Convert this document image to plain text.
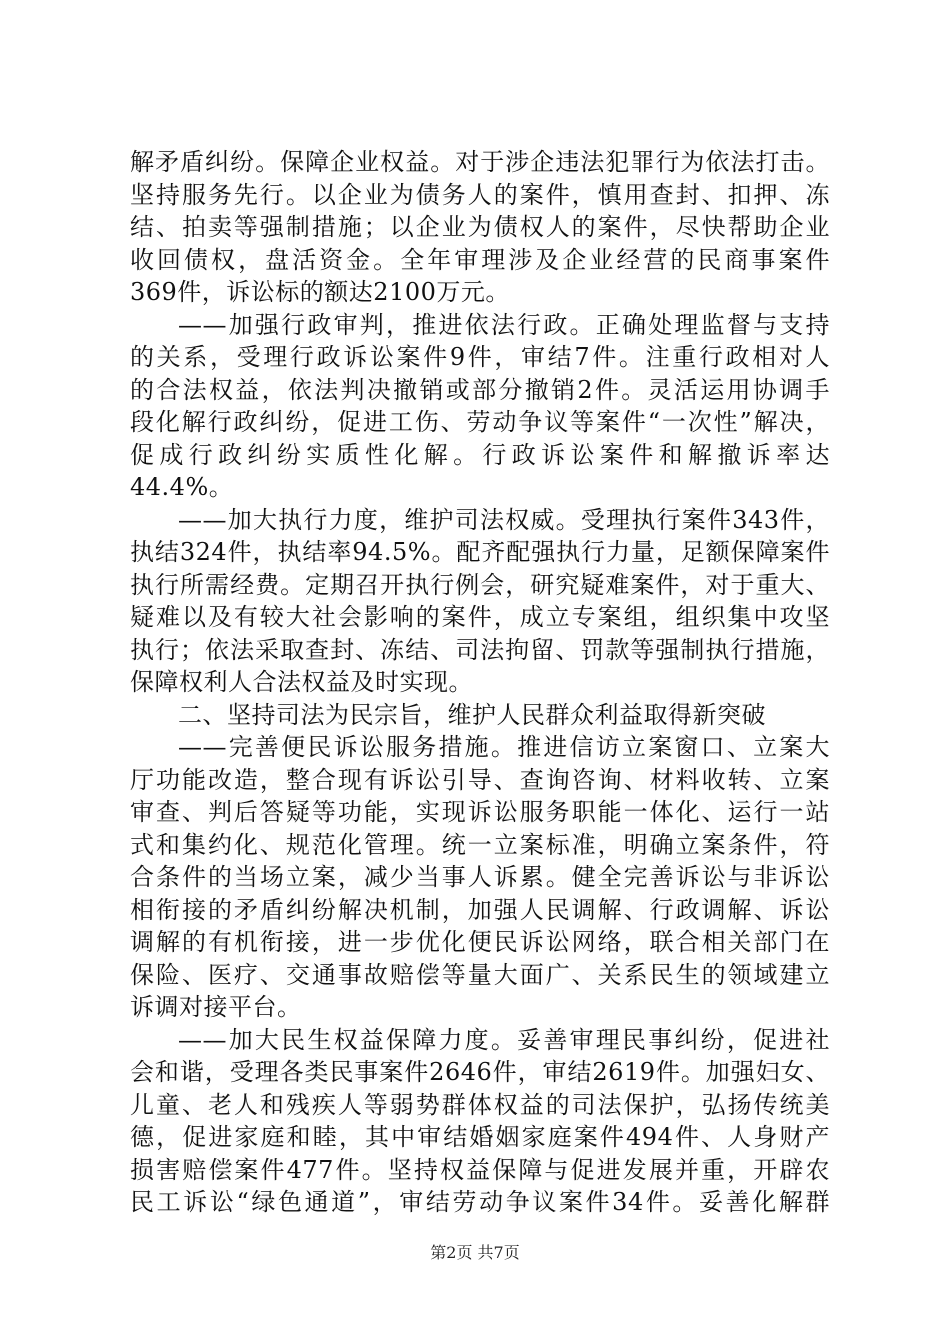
解矛盾纠纷。保障企业权益。对于涉企违法犯罪行为依法打击。
坚持服务先行。以企业为债务人的案件，慎用查封、扣押、冻
结、拍卖等强制措施；以企业为债权人的案件，尽快帮助企业
收回债权，盘活资金。全年审理涉及企业经营的民商事案件
369件，诉讼标的额达2100万元。
——加强行政审判，推进依法行政。正确处理监督与支持
的关系，受理行政诉讼案件9件，审结7件。注重行政相对人
的合法权益，依法判决撤销或部分撤销2件。灵活运用协调手
段化解行政纠纷，促进工伤、劳动争议等案件“一次性”解决，
促成行政纠纷实质性化解。行政诉讼案件和解撤诉率达
44.4%。
——加大执行力度，维护司法权威。受理执行案件343件，
执结324件，执结率94.5%。配齐配强执行力量，足额保障案件
执行所需经费。定期召开执行例会，研究疑难案件，对于重大、
疑难以及有较大社会影响的案件，成立专案组，组织集中攻坚
执行；依法采取查封、冻结、司法拘留、罚款等强制执行措施，
保障权利人合法权益及时实现。
二、坚持司法为民宗旨，维护人民群众利益取得新突破
——完善便民诉讼服务措施。推进信访立案窗口、立案大
厅功能改造，整合现有诉讼引导、查询咨询、材料收转、立案
审查、判后答疑等功能，实现诉讼服务职能一体化、运行一站
式和集约化、规范化管理。统一立案标准，明确立案条件，符
合条件的当场立案，减少当事人诉累。健全完善诉讼与非诉讼
相衔接的矛盾纠纷解决机制，加强人民调解、行政调解、诉讼
调解的有机衔接，进一步优化便民诉讼网络，联合相关部门在
保险、医疗、交通事故赔偿等量大面广、关系民生的领域建立
诉调对接平台。
——加大民生权益保障力度。妥善审理民事纠纷，促进社
会和谐，受理各类民事案件2646件，审结2619件。加强妇女、
儿童、老人和残疾人等弱势群体权益的司法保护，弘扬传统美
德，促进家庭和睦，其中审结婚姻家庭案件494件、人身财产
损害赔偿案件477件。坚持权益保障与促进发展并重，开辟农
民工诉讼“绿色通道”，审结劳动争议案件34件。妥善化解群
第2页 共7页
